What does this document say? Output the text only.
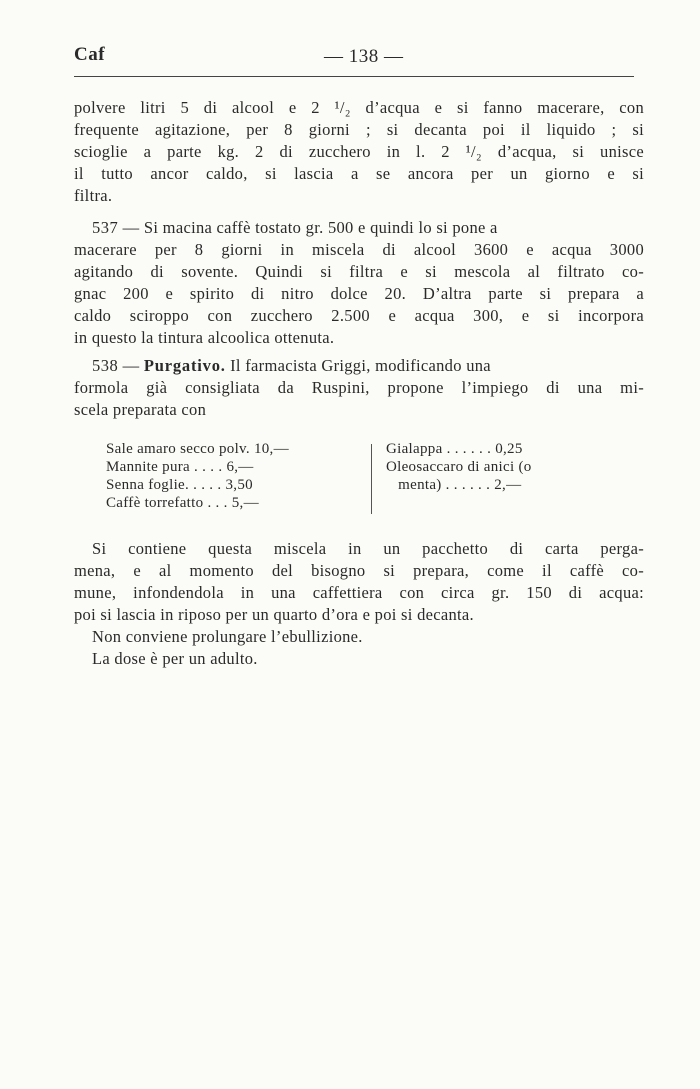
Caf	— 138 —
polvere litri 5 di alcool e 2 ¹/₂ d’acqua e si fanno macerare, con
frequente agitazione, per 8 giorni ; si decanta poi il liquido ; si
scioglie a parte kg. 2 di zucchero in l. 2 ¹/₂ d’acqua, si unisce
il tutto ancor caldo, si lascia a se ancora per un giorno e si
filtra.
537 — Si macina caffè tostato gr. 500 e quindi lo si pone a
macerare per 8 giorni in miscela di alcool 3600 e acqua 3000
agitando di sovente. Quindi si filtra e si mescola al filtrato co-
gnac 200 e spirito di nitro dolce 20. D’altra parte si prepara a
caldo sciroppo con zucchero 2.500 e acqua 300, e si incorpora
in questo la tintura alcoolica ottenuta.
538 — Purgativo. Il farmacista Griggi, modificando una
formola già consigliata da Ruspini, propone l’impiego di una mi-
scela preparata con
Sale amaro secco polv. 10,—
Mannite pura . . . . 6,—
Senna foglie. . . . . 3,50
Caffè torrefatto . . . 5,—
Gialappa . . . . . . 0,25
Oleosaccaro di anici (o
menta) . . . . . . 2,—
Si contiene questa miscela in un pacchetto di carta perga-
mena, e al momento del bisogno si prepara, come il caffè co-
mune, infondendola in una caffettiera con circa gr. 150 di acqua:
poi si lascia in riposo per un quarto d’ora e poi si decanta.
Non conviene prolungare l’ebullizione.
La dose è per un adulto.
